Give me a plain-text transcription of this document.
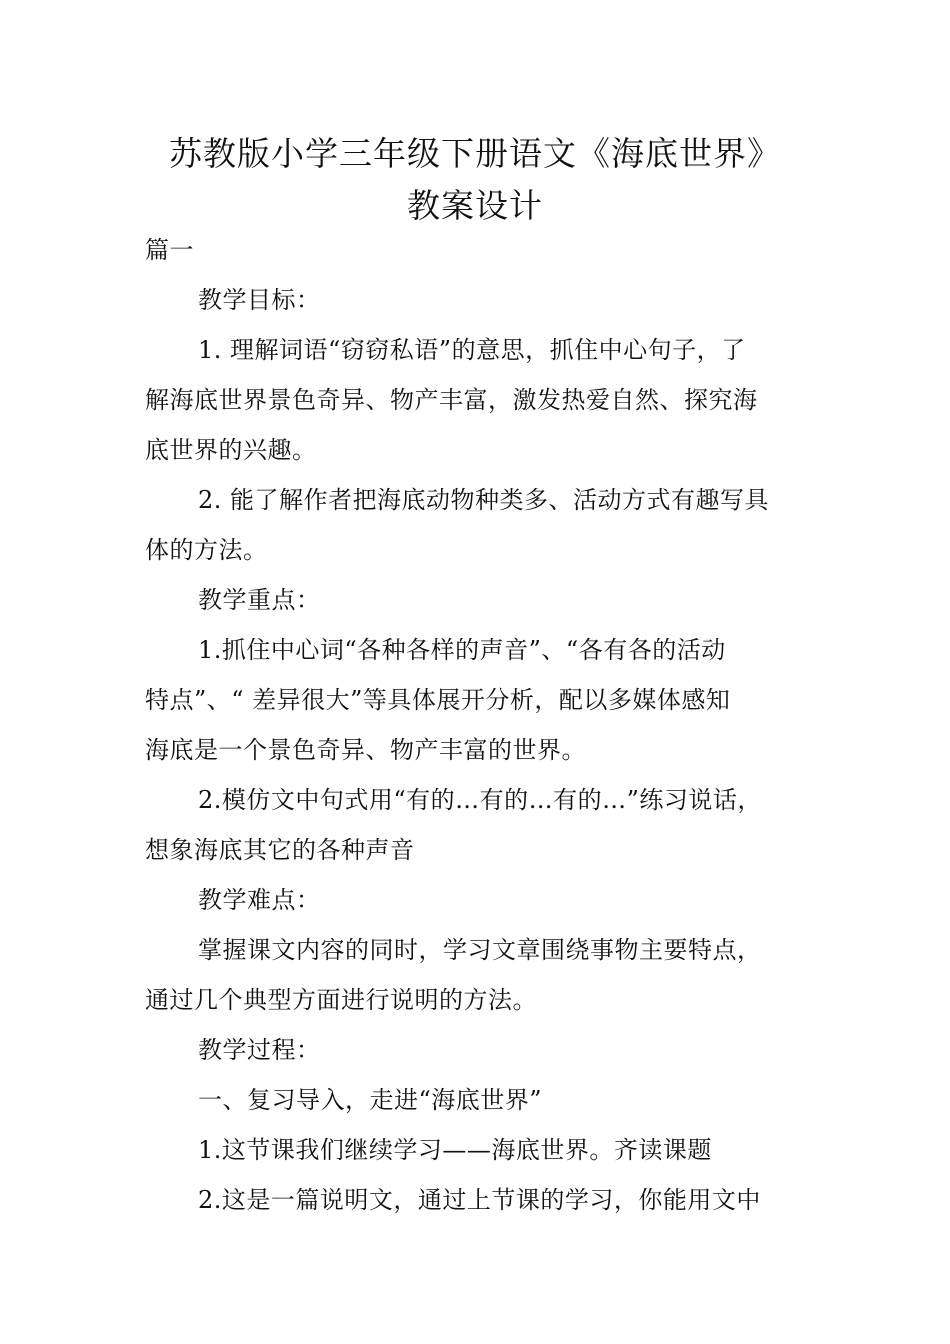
苏教版小学三年级下册语文《海底世界》
教案设计
篇一
教学目标：
1. 理解词语“窃窃私语”的意思，抓住中心句子，了
解海底世界景色奇异、物产丰富，激发热爱自然、探究海
底世界的兴趣。
2. 能了解作者把海底动物种类多、活动方式有趣写具
体的方法。
教学重点：
1.抓住中心词“各种各样的声音”、“各有各的活动
特点”、“ 差异很大”等具体展开分析，配以多媒体感知
海底是一个景色奇异、物产丰富的世界。
2.模仿文中句式用“有的…有的…有的…”练习说话，
想象海底其它的各种声音
教学难点：
掌握课文内容的同时，学习文章围绕事物主要特点，
通过几个典型方面进行说明的方法。
教学过程：
一、复习导入，走进“海底世界”
1.这节课我们继续学习——海底世界。齐读课题
2.这是一篇说明文，通过上节课的学习，你能用文中
